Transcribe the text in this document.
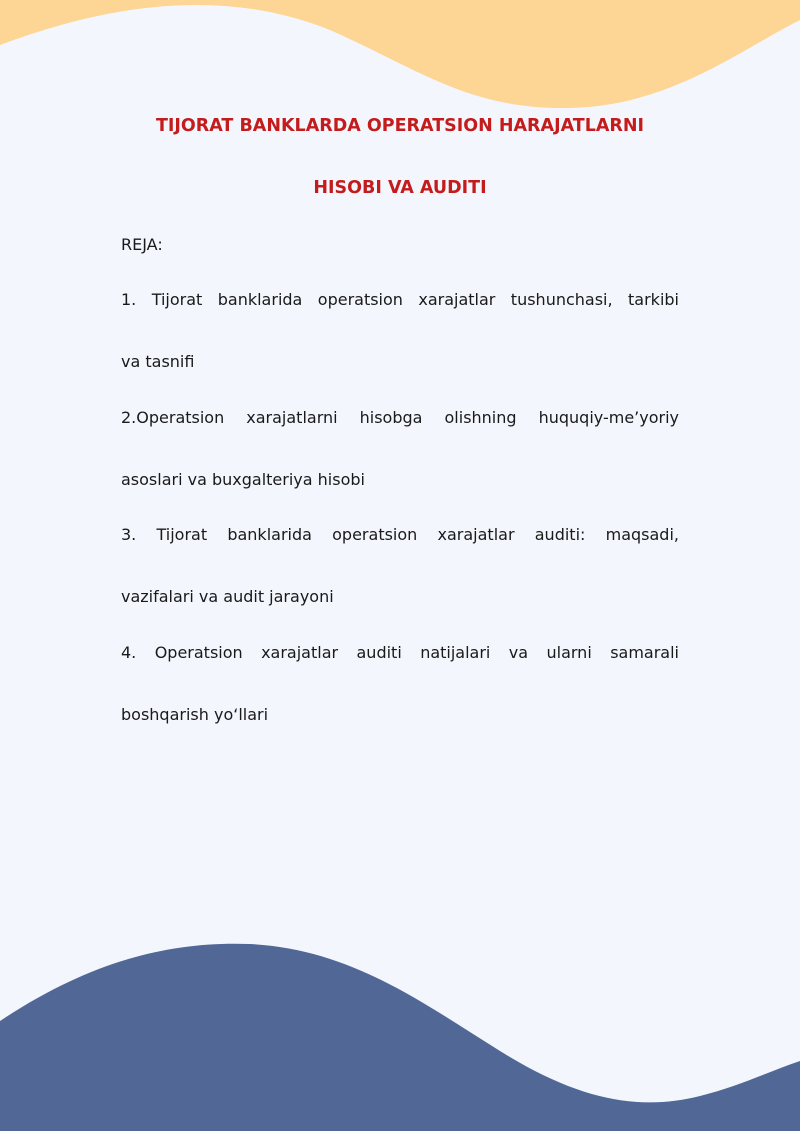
TIJORAT BANKLARDA OPERATSION HARAJATLARNI
HISOBI VA AUDITI

REJA:

1. Tijorat banklarida operatsion xarajatlar tushunchasi, tarkibi
va tasnifi

2.Operatsion xarajatlarni hisobga olishning huquqiy-me’yoriy
asoslari va buxgalteriya hisobi

3. Tijorat banklarida operatsion xarajatlar auditi: maqsadi,
vazifalari va audit jarayoni

4. Operatsion xarajatlar auditi natijalari va ularni samarali
boshqarish yo‘llari
